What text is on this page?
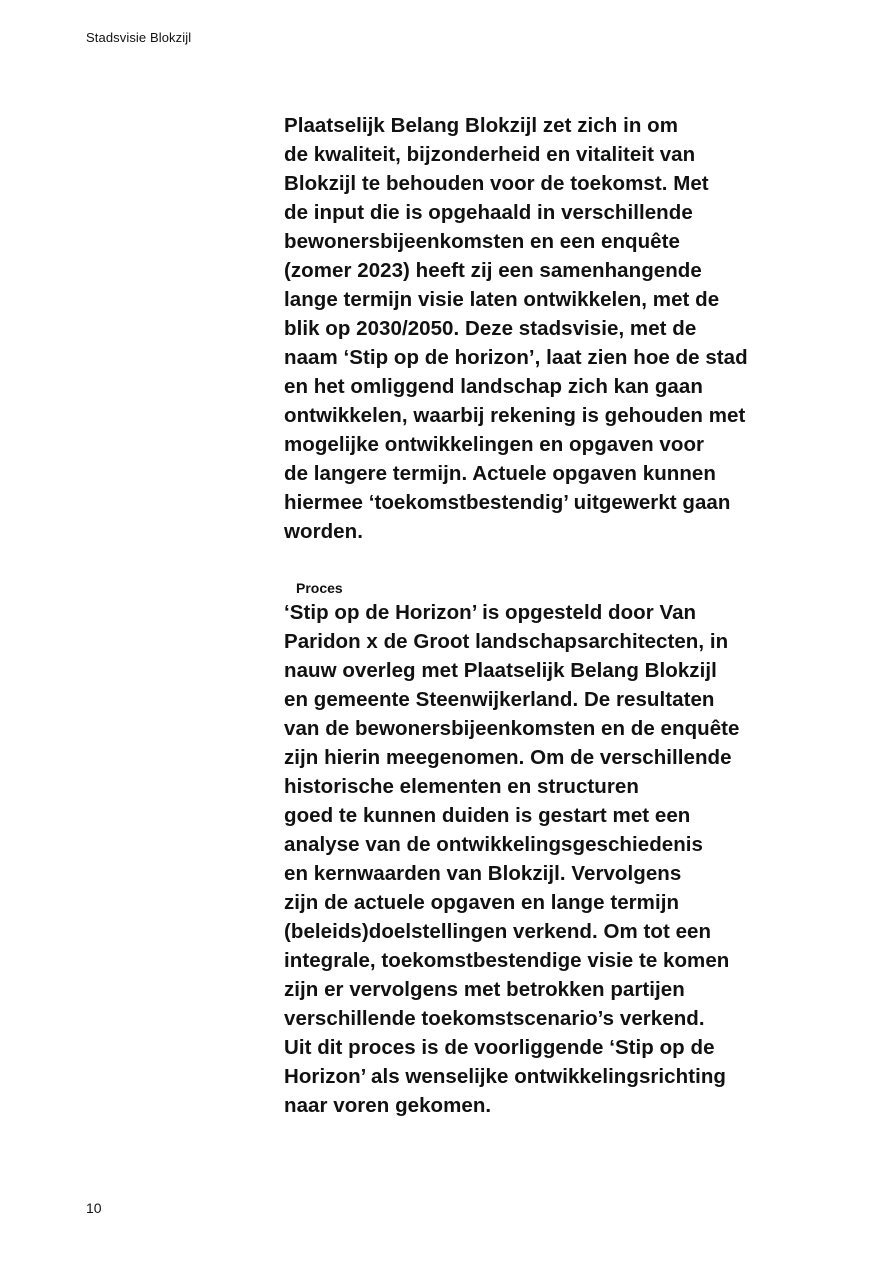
Stadsvisie Blokzijl
Plaatselijk Belang Blokzijl zet zich in om
de kwaliteit, bijzonderheid en vitaliteit van
Blokzijl te behouden voor de toekomst. Met
de input die is opgehaald in verschillende
bewonersbijeenkomsten en een enquête
(zomer 2023) heeft zij een samenhangende
lange termijn visie laten ontwikkelen, met de
blik op 2030/2050. Deze stadsvisie, met de
naam ‘Stip op de horizon’, laat zien hoe de stad
en het omliggend landschap zich kan gaan
ontwikkelen, waarbij rekening is gehouden met
mogelijke ontwikkelingen en opgaven voor
de langere termijn. Actuele opgaven kunnen
hiermee ‘toekomstbestendig’ uitgewerkt gaan
worden.
Proces
‘Stip op de Horizon’ is opgesteld door Van
Paridon x de Groot landschapsarchitecten, in
nauw overleg met Plaatselijk Belang Blokzijl
en gemeente Steenwijkerland. De resultaten
van de bewonersbijeenkomsten en de enquête
zijn hierin meegenomen. Om de verschillende
historische elementen en structuren
goed te kunnen duiden is gestart met een
analyse van de ontwikkelingsgeschiedenis
en kernwaarden van Blokzijl. Vervolgens
zijn de actuele opgaven en lange termijn
(beleids)doelstellingen verkend. Om tot een
integrale, toekomstbestendige visie te komen
zijn er vervolgens met betrokken partijen
verschillende toekomstscenario’s verkend.
Uit dit proces is de voorliggende ‘Stip op de
Horizon’ als wenselijke ontwikkelingsrichting
naar voren gekomen.
10
